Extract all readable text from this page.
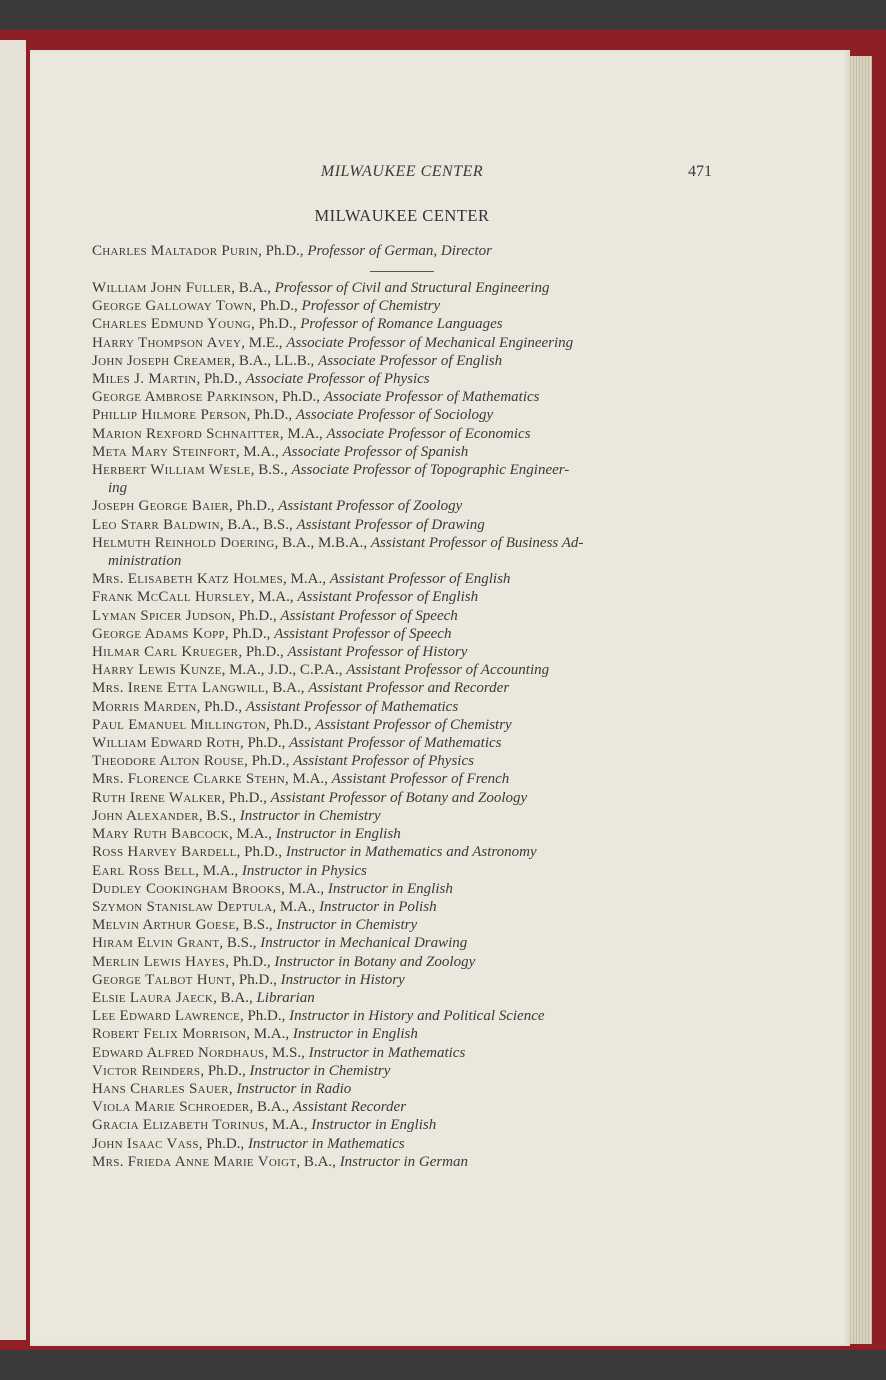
MILWAUKEE CENTER	471
MILWAUKEE CENTER
Charles Maltador Purin, Ph.D., Professor of German, Director
William John Fuller, B.A., Professor of Civil and Structural Engineering
George Galloway Town, Ph.D., Professor of Chemistry
Charles Edmund Young, Ph.D., Professor of Romance Languages
Harry Thompson Avey, M.E., Associate Professor of Mechanical Engineering
John Joseph Creamer, B.A., LL.B., Associate Professor of English
Miles J. Martin, Ph.D., Associate Professor of Physics
George Ambrose Parkinson, Ph.D., Associate Professor of Mathematics
Phillip Hilmore Person, Ph.D., Associate Professor of Sociology
Marion Rexford Schnaitter, M.A., Associate Professor of Economics
Meta Mary Steinfort, M.A., Associate Professor of Spanish
Herbert William Wesle, B.S., Associate Professor of Topographic Engineer-
ing
Joseph George Baier, Ph.D., Assistant Professor of Zoology
Leo Starr Baldwin, B.A., B.S., Assistant Professor of Drawing
Helmuth Reinhold Doering, B.A., M.B.A., Assistant Professor of Business Ad-
ministration
Mrs. Elisabeth Katz Holmes, M.A., Assistant Professor of English
Frank McCall Hursley, M.A., Assistant Professor of English
Lyman Spicer Judson, Ph.D., Assistant Professor of Speech
George Adams Kopp, Ph.D., Assistant Professor of Speech
Hilmar Carl Krueger, Ph.D., Assistant Professor of History
Harry Lewis Kunze, M.A., J.D., C.P.A., Assistant Professor of Accounting
Mrs. Irene Etta Langwill, B.A., Assistant Professor and Recorder
Morris Marden, Ph.D., Assistant Professor of Mathematics
Paul Emanuel Millington, Ph.D., Assistant Professor of Chemistry
William Edward Roth, Ph.D., Assistant Professor of Mathematics
Theodore Alton Rouse, Ph.D., Assistant Professor of Physics
Mrs. Florence Clarke Stehn, M.A., Assistant Professor of French
Ruth Irene Walker, Ph.D., Assistant Professor of Botany and Zoology
John Alexander, B.S., Instructor in Chemistry
Mary Ruth Babcock, M.A., Instructor in English
Ross Harvey Bardell, Ph.D., Instructor in Mathematics and Astronomy
Earl Ross Bell, M.A., Instructor in Physics
Dudley Cookingham Brooks, M.A., Instructor in English
Szymon Stanislaw Deptula, M.A., Instructor in Polish
Melvin Arthur Goese, B.S., Instructor in Chemistry
Hiram Elvin Grant, B.S., Instructor in Mechanical Drawing
Merlin Lewis Hayes, Ph.D., Instructor in Botany and Zoology
George Talbot Hunt, Ph.D., Instructor in History
Elsie Laura Jaeck, B.A., Librarian
Lee Edward Lawrence, Ph.D., Instructor in History and Political Science
Robert Felix Morrison, M.A., Instructor in English
Edward Alfred Nordhaus, M.S., Instructor in Mathematics
Victor Reinders, Ph.D., Instructor in Chemistry
Hans Charles Sauer, Instructor in Radio
Viola Marie Schroeder, B.A., Assistant Recorder
Gracia Elizabeth Torinus, M.A., Instructor in English
John Isaac Vass, Ph.D., Instructor in Mathematics
Mrs. Frieda Anne Marie Voigt, B.A., Instructor in German
